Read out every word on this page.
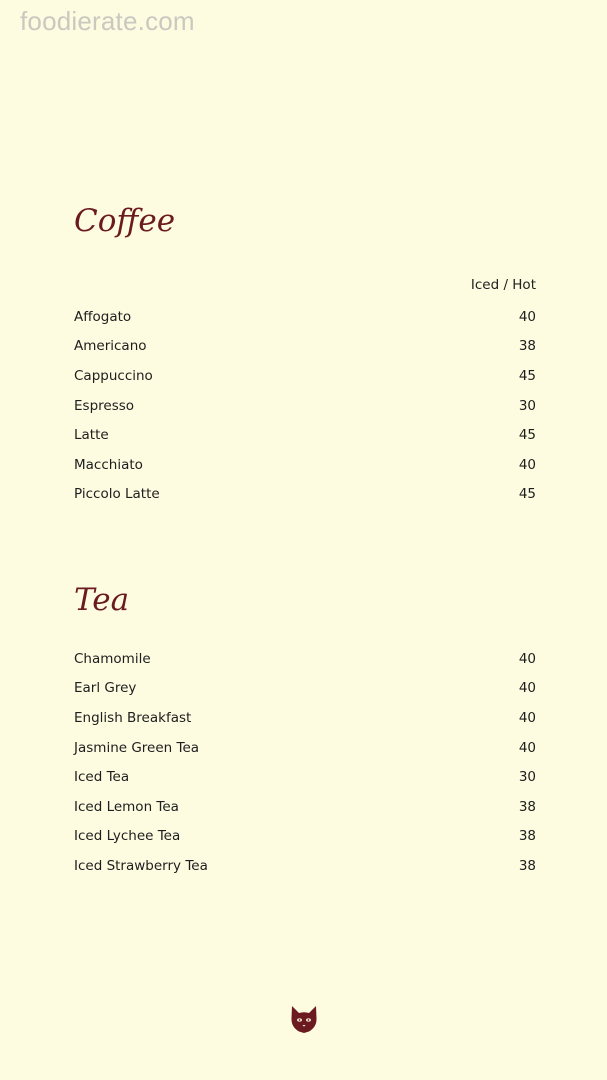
foodierate.com
Coffee
Iced / Hot
Affogato	40
Americano	38
Cappuccino	45
Espresso	30
Latte	45
Macchiato	40
Piccolo Latte	45
Tea
Chamomile	40
Earl Grey	40
English Breakfast	40
Jasmine Green Tea	40
Iced Tea	30
Iced Lemon Tea	38
Iced Lychee Tea	38
Iced Strawberry Tea	38
